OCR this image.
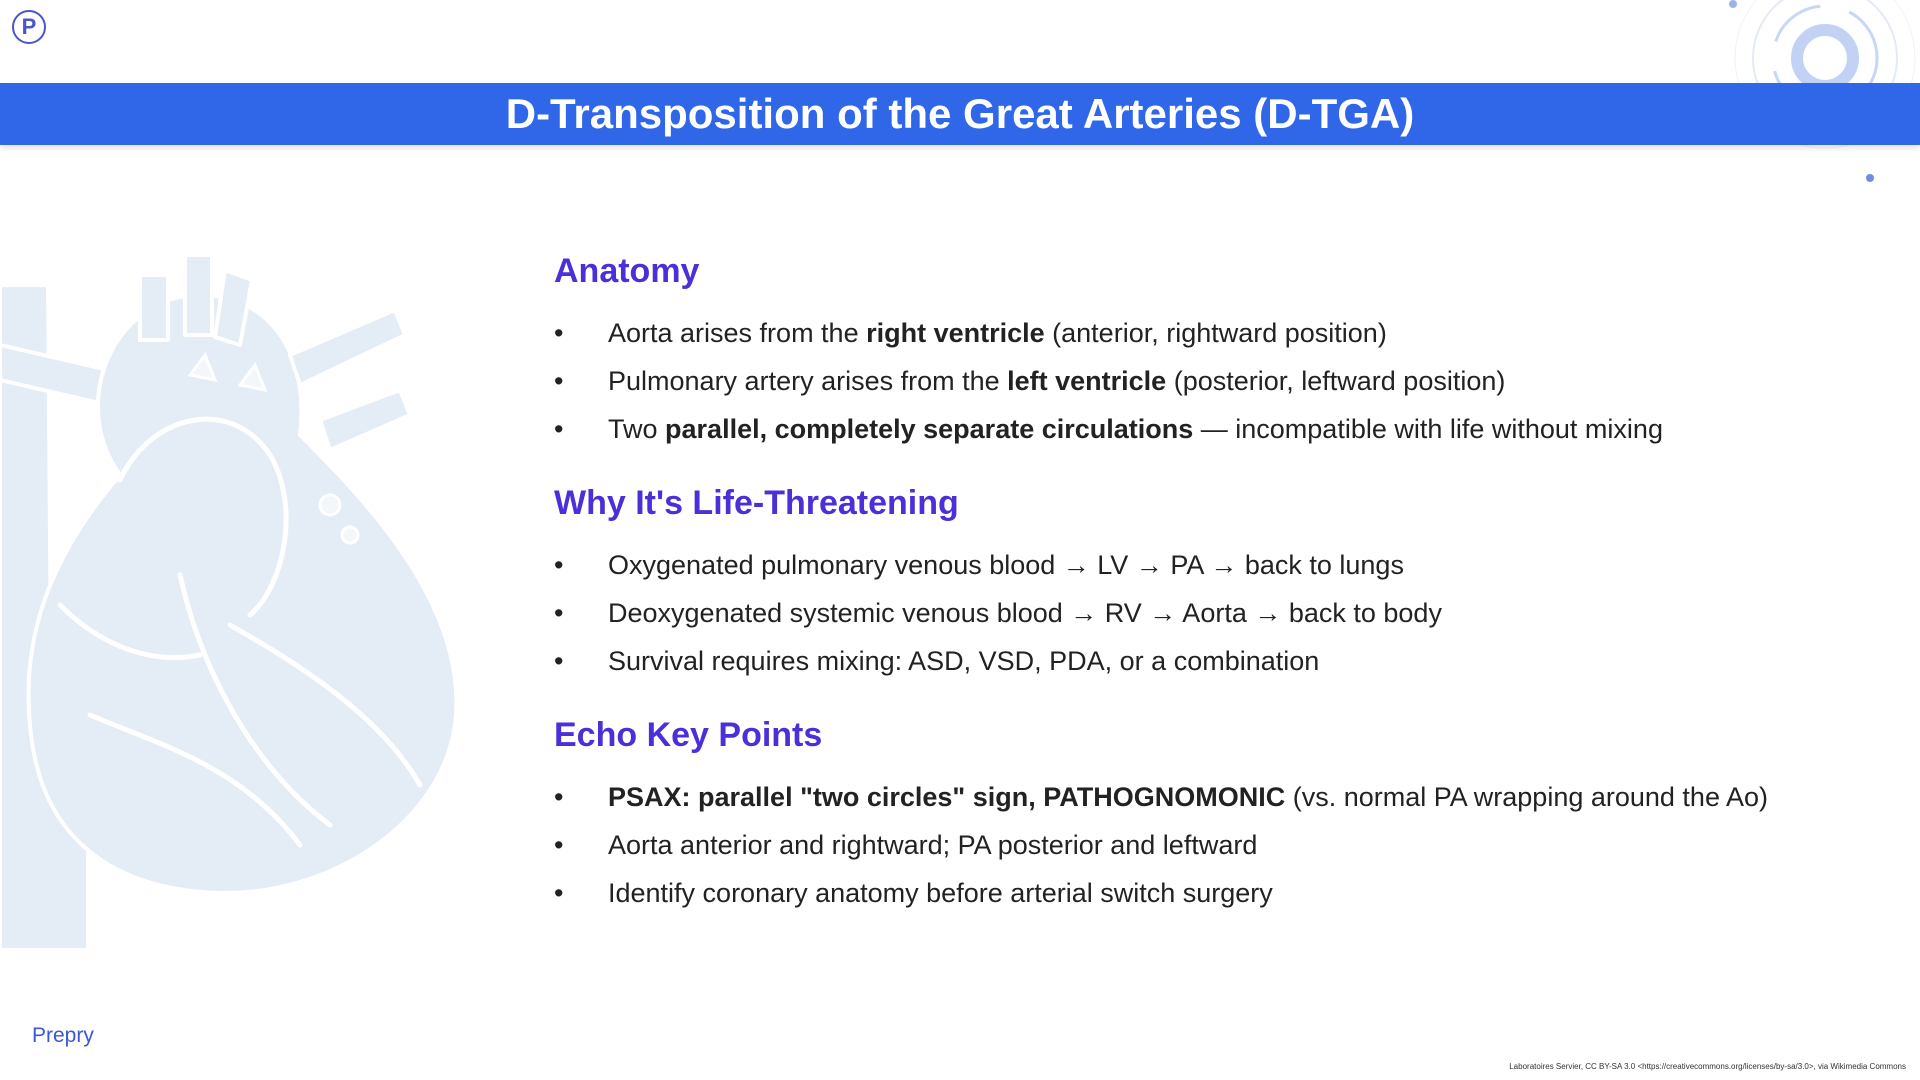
P
D-Transposition of the Great Arteries (D-TGA)
Anatomy
• Aorta arises from the right ventricle (anterior, rightward position)
• Pulmonary artery arises from the left ventricle (posterior, leftward position)
• Two parallel, completely separate circulations — incompatible with life without mixing
Why It's Life-Threatening
• Oxygenated pulmonary venous blood → LV → PA → back to lungs
• Deoxygenated systemic venous blood → RV → Aorta → back to body
• Survival requires mixing: ASD, VSD, PDA, or a combination
Echo Key Points
• PSAX: parallel "two circles" sign, PATHOGNOMONIC (vs. normal PA wrapping around the Ao)
• Aorta anterior and rightward; PA posterior and leftward
• Identify coronary anatomy before arterial switch surgery
Prepry
Laboratoires Servier, CC BY-SA 3.0 <https://creativecommons.org/licenses/by-sa/3.0>, via Wikimedia Commons
